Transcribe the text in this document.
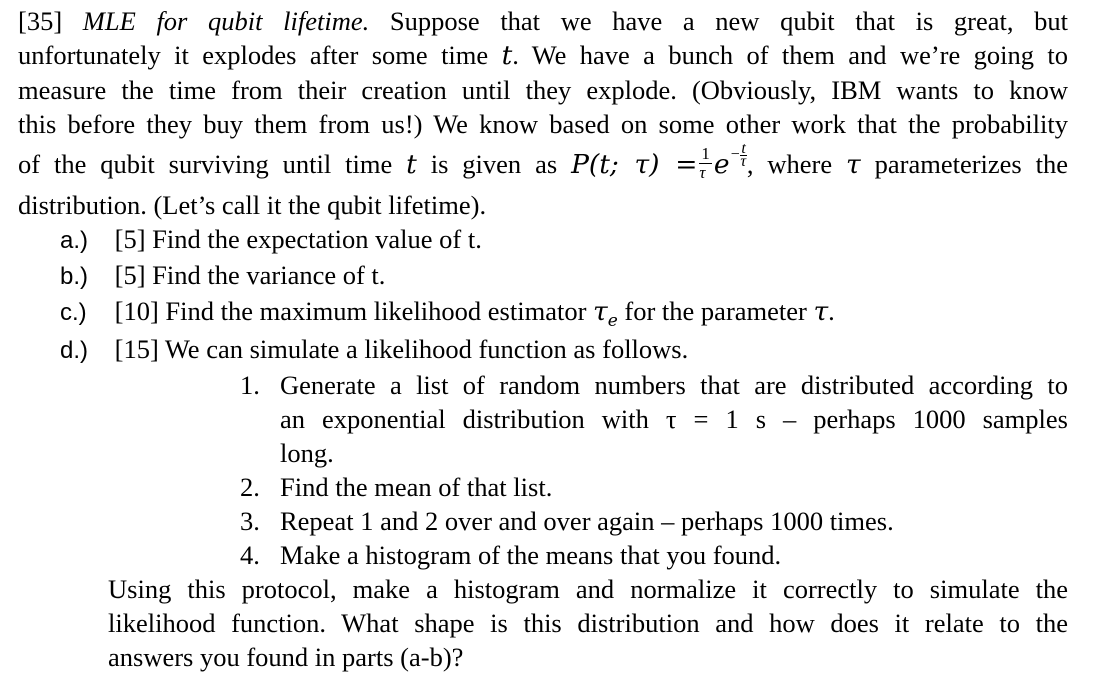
[35] MLE for qubit lifetime. Suppose that we have a new qubit that is great, but
unfortunately it explodes after some time t. We have a bunch of them and we’re going to
measure the time from their creation until they explode. (Obviously, IBM wants to know
this before they buy them from us!) We know based on some other work that the probability
of the qubit surviving until time t is given as P(t; $\tau) = \frac{1}{\tau} e^{- \frac{t}{\tau}}$ , where τ parameterizes the
distribution. (Let’s call it the qubit lifetime).
a.) [5] Find the expectation value of t.
b.) [5] Find the variance of t.
c.) [10] Find the maximum likelihood estimator $\tau_e$ for the parameter τ.
d.) [15] We can simulate a likelihood function as follows.
1. Generate a list of random numbers that are distributed according to
an exponential distribution with τ = 1 s – perhaps 1000 samples
long.
2. Find the mean of that list.
3. Repeat 1 and 2 over and over again – perhaps 1000 times.
4. Make a histogram of the means that you found.
Using this protocol, make a histogram and normalize it correctly to simulate the
likelihood function. What shape is this distribution and how does it relate to the
answers you found in parts (a-b)?
